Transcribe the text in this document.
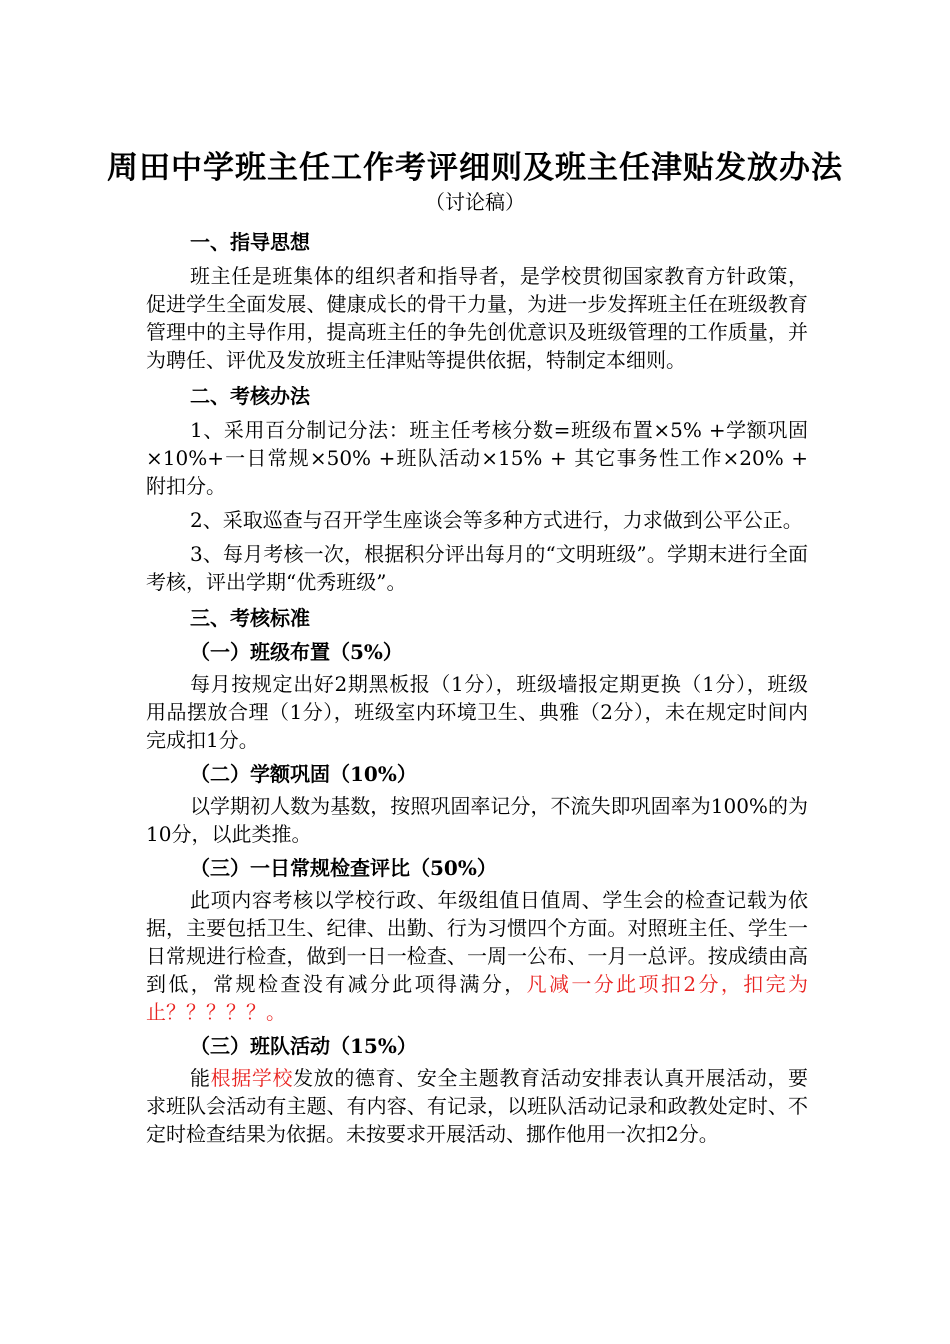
周田中学班主任工作考评细则及班主任津贴发放办法
（讨论稿）
一、指导思想

班主任是班集体的组织者和指导者，是学校贯彻国家教育方针政策，促进学生全面发展、健康成长的骨干力量，为进一步发挥班主任在班级教育管理中的主导作用，提高班主任的争先创优意识及班级管理的工作质量，并为聘任、评优及发放班主任津贴等提供依据，特制定本细则。

二、考核办法

1、采用百分制记分法：班主任考核分数=班级布置×5% +学额巩固×10%+一日常规×50% +班队活动×15% + 其它事务性工作×20% + 附扣分。

2、采取巡查与召开学生座谈会等多种方式进行，力求做到公平公正。

3、每月考核一次，根据积分评出每月的“文明班级”。学期末进行全面考核，评出学期“优秀班级”。

三、考核标准
（一）班级布置（5%）

每月按规定出好2期黑板报（1分），班级墙报定期更换（1分），班级用品摆放合理（1分），班级室内环境卫生、典雅（2分），未在规定时间内完成扣1分。

（二）学额巩固（10%）

以学期初人数为基数，按照巩固率记分，不流失即巩固率为100%的为10分，以此类推。

（三）一日常规检查评比（50%）

此项内容考核以学校行政、年级组值日值周、学生会的检查记载为依据，主要包括卫生、纪律、出勤、行为习惯四个方面。对照班主任、学生一日常规进行检查，做到一日一检查、一周一公布、一月一总评。按成绩由高到低，常规检查没有减分此项得满分，凡减一分此项扣2分，扣完为止？？？？？。

（三）班队活动（15%）

能根据学校发放的德育、安全主题教育活动安排表认真开展活动，要求班队会活动有主题、有内容、有记录，以班队活动记录和政教处定时、不定时检查结果为依据。未按要求开展活动、挪作他用一次扣2分。
